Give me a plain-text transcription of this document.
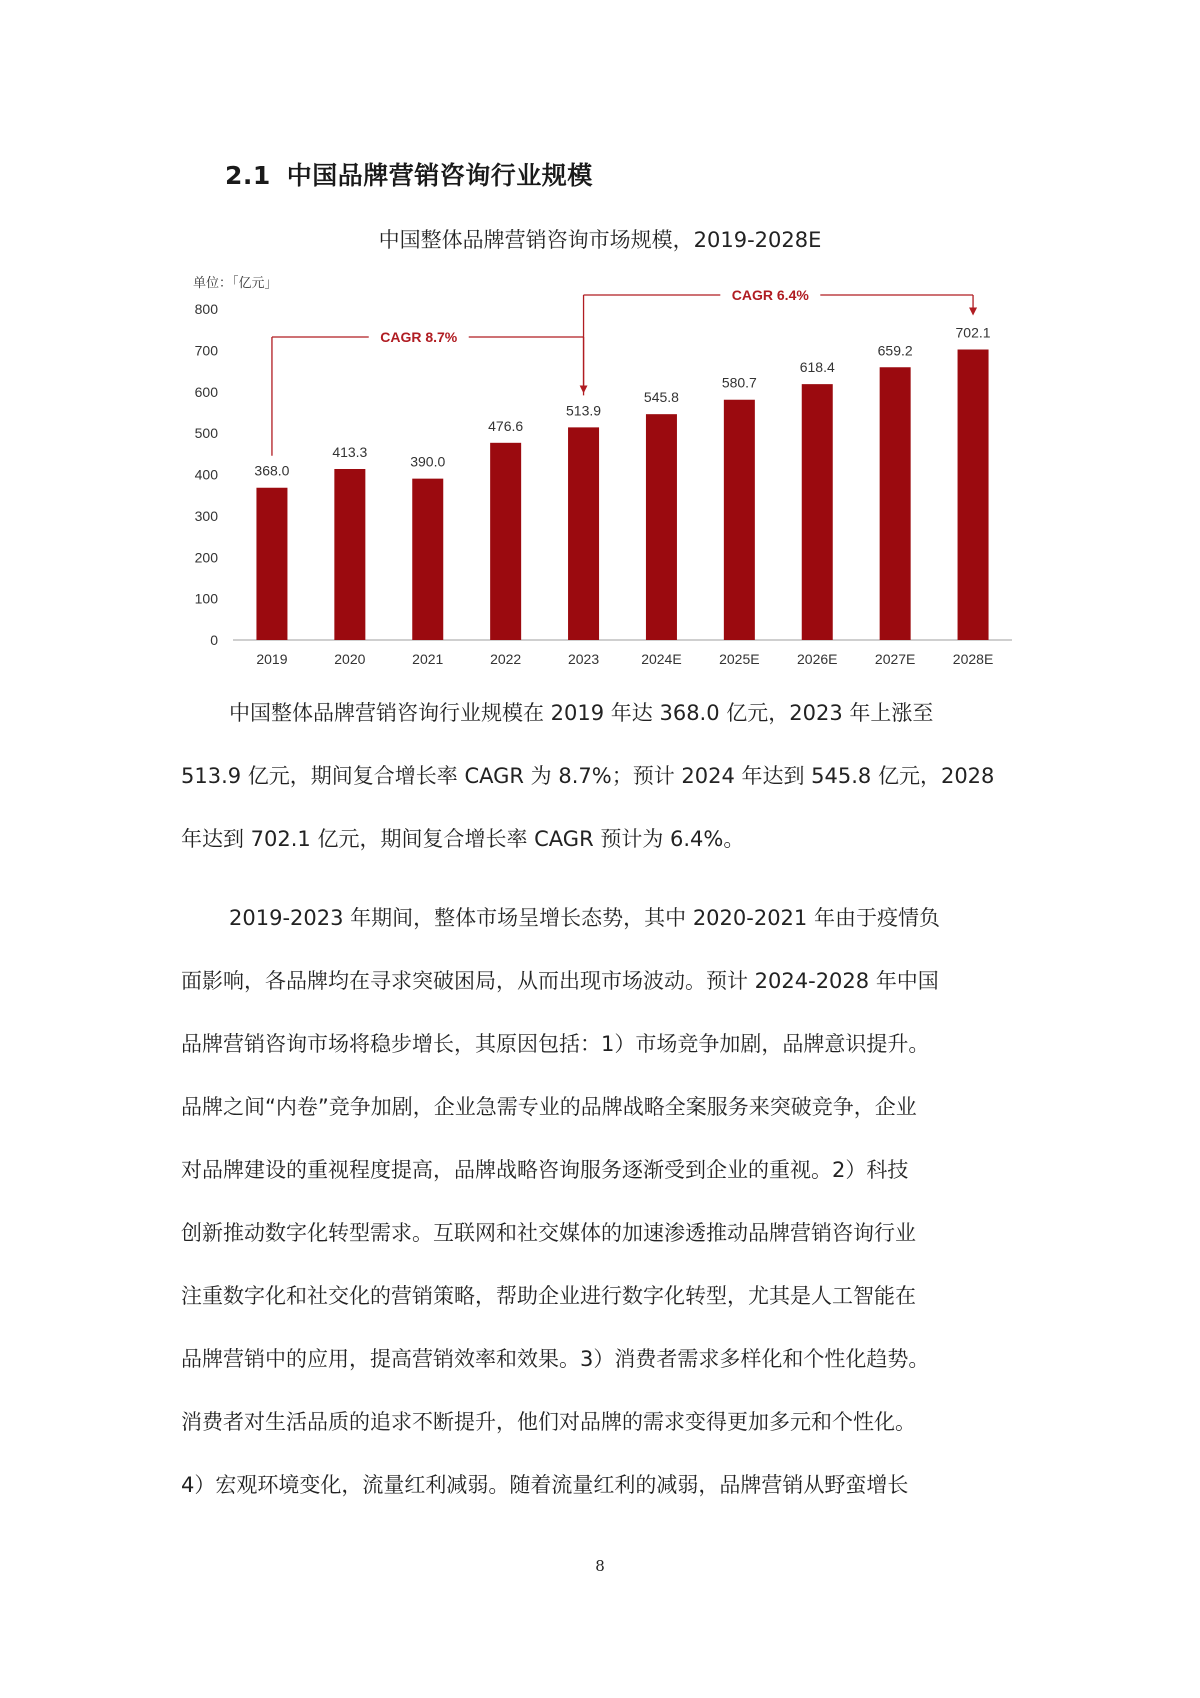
2.1 中国品牌营销咨询行业规模
中国整体品牌营销咨询市场规模，2019-2028E
单位：「亿元」
0
100
200
300
400
500
600
700
800
368.0
2019
413.3
2020
390.0
2021
476.6
2022
513.9
2023
545.8
2024E
580.7
2025E
618.4
2026E
659.2
2027E
702.1
2028E
CAGR 8.7%
CAGR 6.4%
中国整体品牌营销咨询行业规模在 2019 年达 368.0 亿元，2023 年上涨至
513.9 亿元，期间复合增长率 CAGR 为 8.7%；预计 2024 年达到 545.8 亿元，2028
年达到 702.1 亿元，期间复合增长率 CAGR 预计为 6.4%。
2019-2023 年期间，整体市场呈增长态势，其中 2020-2021 年由于疫情负
面影响，各品牌均在寻求突破困局，从而出现市场波动。预计 2024-2028 年中国
品牌营销咨询市场将稳步增长，其原因包括：1）市场竞争加剧，品牌意识提升。
品牌之间“内卷”竞争加剧，企业急需专业的品牌战略全案服务来突破竞争，企业
对品牌建设的重视程度提高，品牌战略咨询服务逐渐受到企业的重视。2）科技
创新推动数字化转型需求。互联网和社交媒体的加速渗透推动品牌营销咨询行业
注重数字化和社交化的营销策略，帮助企业进行数字化转型，尤其是人工智能在
品牌营销中的应用，提高营销效率和效果。3）消费者需求多样化和个性化趋势。
消费者对生活品质的追求不断提升，他们对品牌的需求变得更加多元和个性化。
4）宏观环境变化，流量红利减弱。随着流量红利的减弱，品牌营销从野蛮增长
8
